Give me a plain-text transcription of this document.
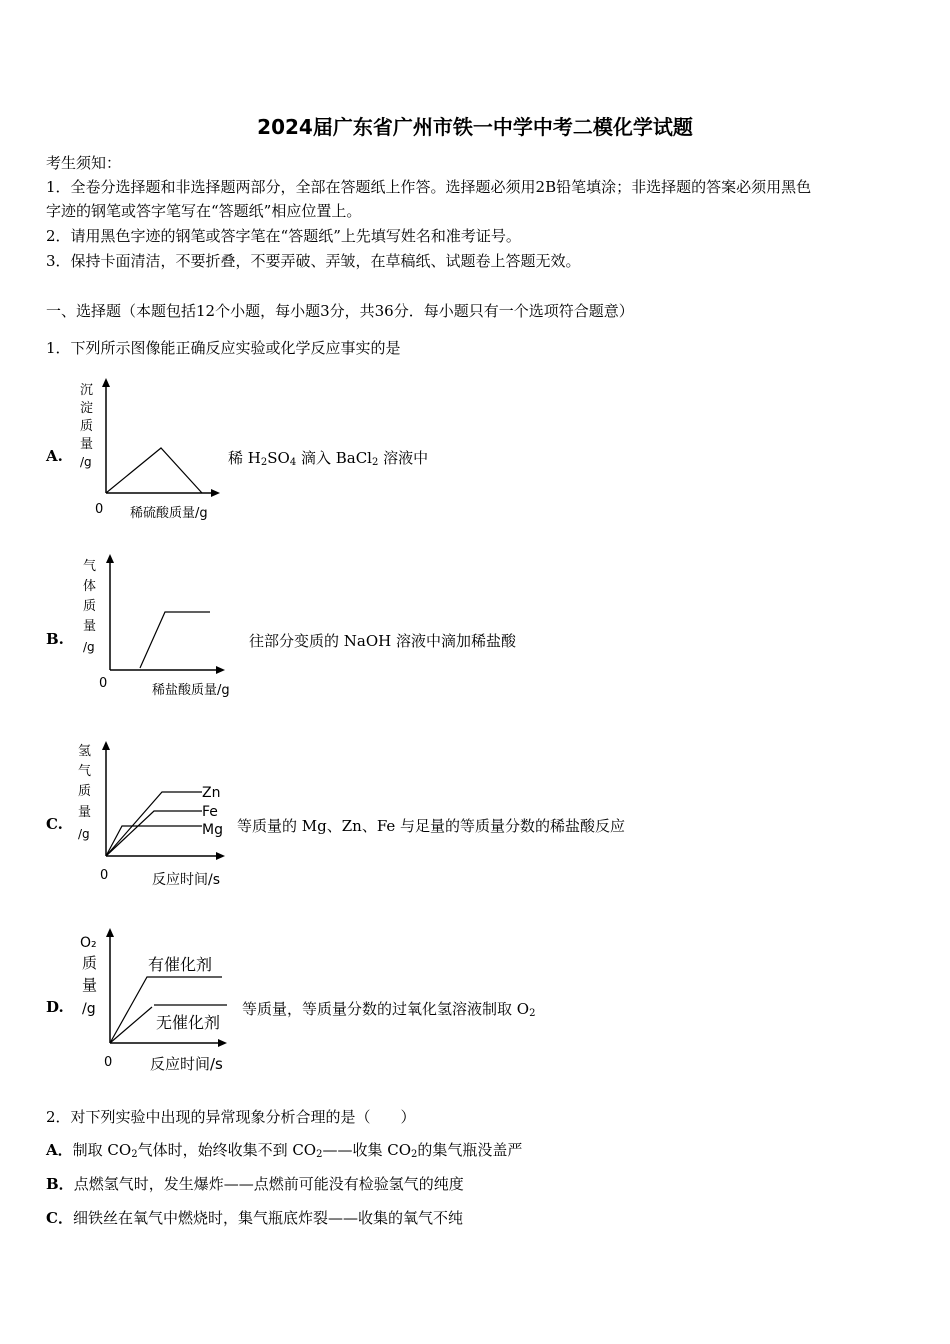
2024届广东省广州市铁一中学中考二模化学试题
考生须知：
1．全卷分选择题和非选择题两部分，全部在答题纸上作答。选择题必须用2B铅笔填涂；非选择题的答案必须用黑色
字迹的钢笔或答字笔写在“答题纸”相应位置上。
2．请用黑色字迹的钢笔或答字笔在“答题纸”上先填写姓名和准考证号。
3．保持卡面清洁，不要折叠，不要弄破、弄皱，在草稿纸、试题卷上答题无效。
一、选择题（本题包括12个小题，每小题3分，共36分．每小题只有一个选项符合题意）
1．下列所示图像能正确反应实验或化学反应事实的是
A.
沉
淀
质
量
/g
0 稀硫酸质量/g
稀 $H_2SO_4$ 滴入 BaCl$_2$ 溶液中
B.
气
体
质
量
/g
0	稀盐酸质量/g
往部分变质的 NaOH 溶液中滴加稀盐酸
C.
Zn
Fe
Mg
氢
气
质
量
/g
0	反应时间/s
等质量的 Mg、Zn、Fe 与足量的等质量分数的稀盐酸反应
D.
有催化剂
无催化剂
O₂
质
量
/g
0	反应时间/s
等质量，等质量分数的过氧化氢溶液制取 $O_2$
2．对下列实验中出现的异常现象分析合理的是（　　）
A．制取 $CO_2$气体时，始终收集不到 $CO_2——$收集 $CO_2$的集气瓶没盖严
B．点燃氢气时，发生爆炸——点燃前可能没有检验氢气的纯度
C．细铁丝在氧气中燃烧时，集气瓶底炸裂——收集的氧气不纯
